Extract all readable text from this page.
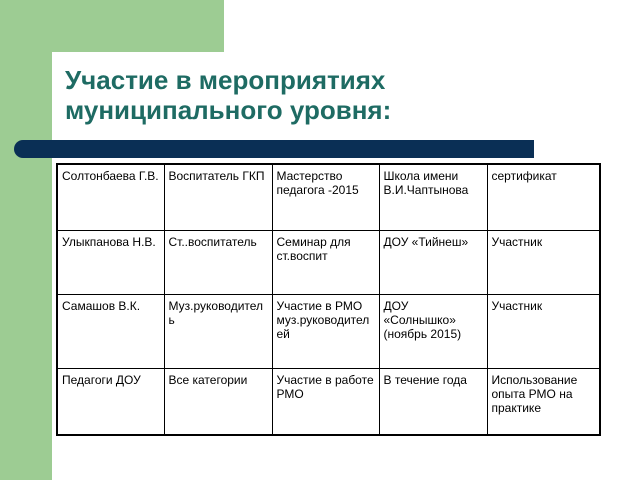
Участие в мероприятиях
муниципального уровня:
Солтонбаева Г.В.	Воспитатель ГКП	Мастерство педагога -2015	Школа имени В.И.Чаптынова	сертификат
Улыкпанова Н.В.	Ст..воспитатель	Семинар для ст.воспит	ДОУ «Тийнеш»	Участник
Самашов В.К.	Муз.руководитель	Участие в РМО муз.руководителей	ДОУ «Солнышко» (ноябрь 2015)	Участник
Педагоги ДОУ	Все категории	Участие в работе РМО	В течение года	Использование опыта РМО на практике
